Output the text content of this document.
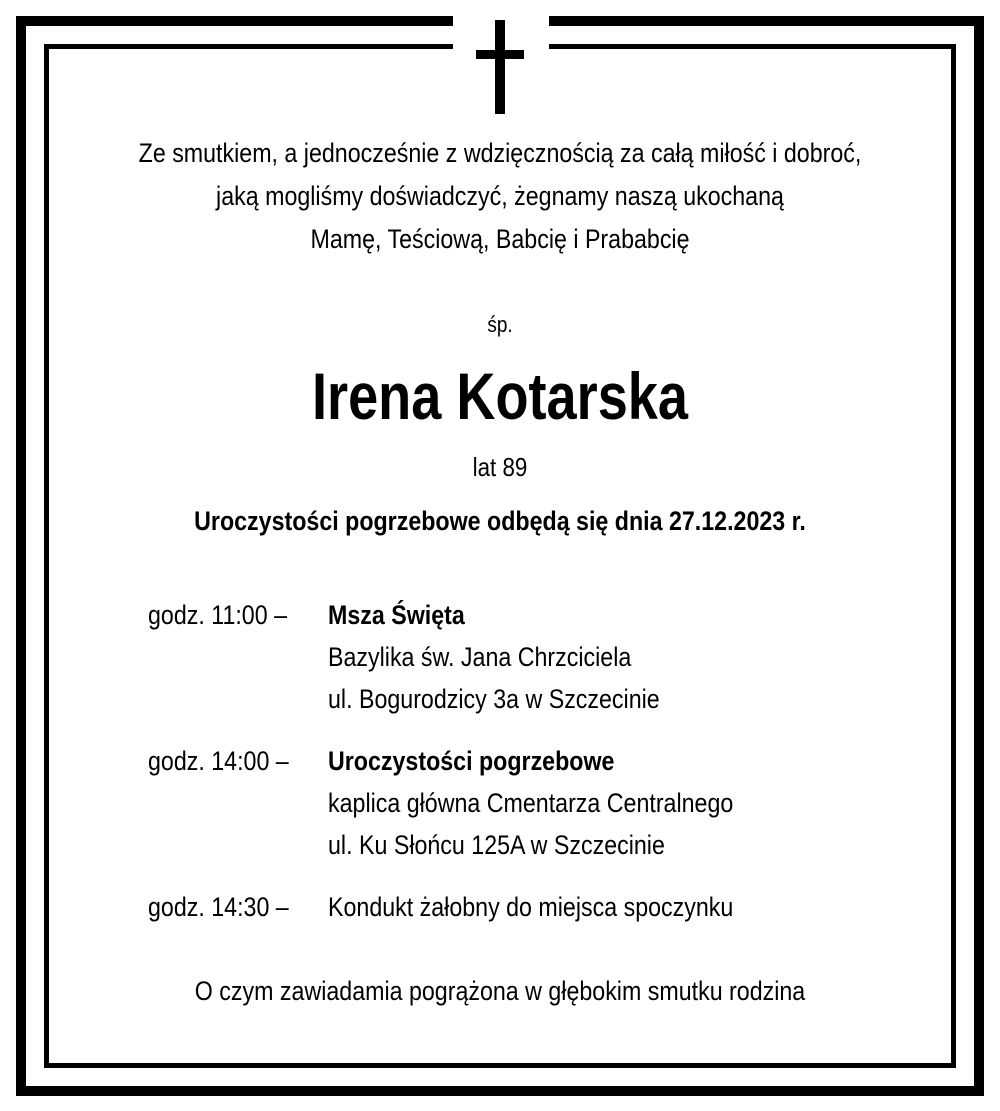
Ze smutkiem, a jednocześnie z wdzięcznością za całą miłość i dobroć,
jaką mogliśmy doświadczyć, żegnamy naszą ukochaną
Mamę, Teściową, Babcię i Prababcię
śp.
Irena Kotarska
lat 89
Uroczystości pogrzebowe odbędą się dnia 27.12.2023 r.
godz. 11:00 –	Msza Święta
Bazylika św. Jana Chrzciciela
ul. Bogurodzicy 3a w Szczecinie
godz. 14:00 –	Uroczystości pogrzebowe
kaplica główna Cmentarza Centralnego
ul. Ku Słońcu 125A w Szczecinie
godz. 14:30 –	Kondukt żałobny do miejsca spoczynku
O czym zawiadamia pogrążona w głębokim smutku rodzina
